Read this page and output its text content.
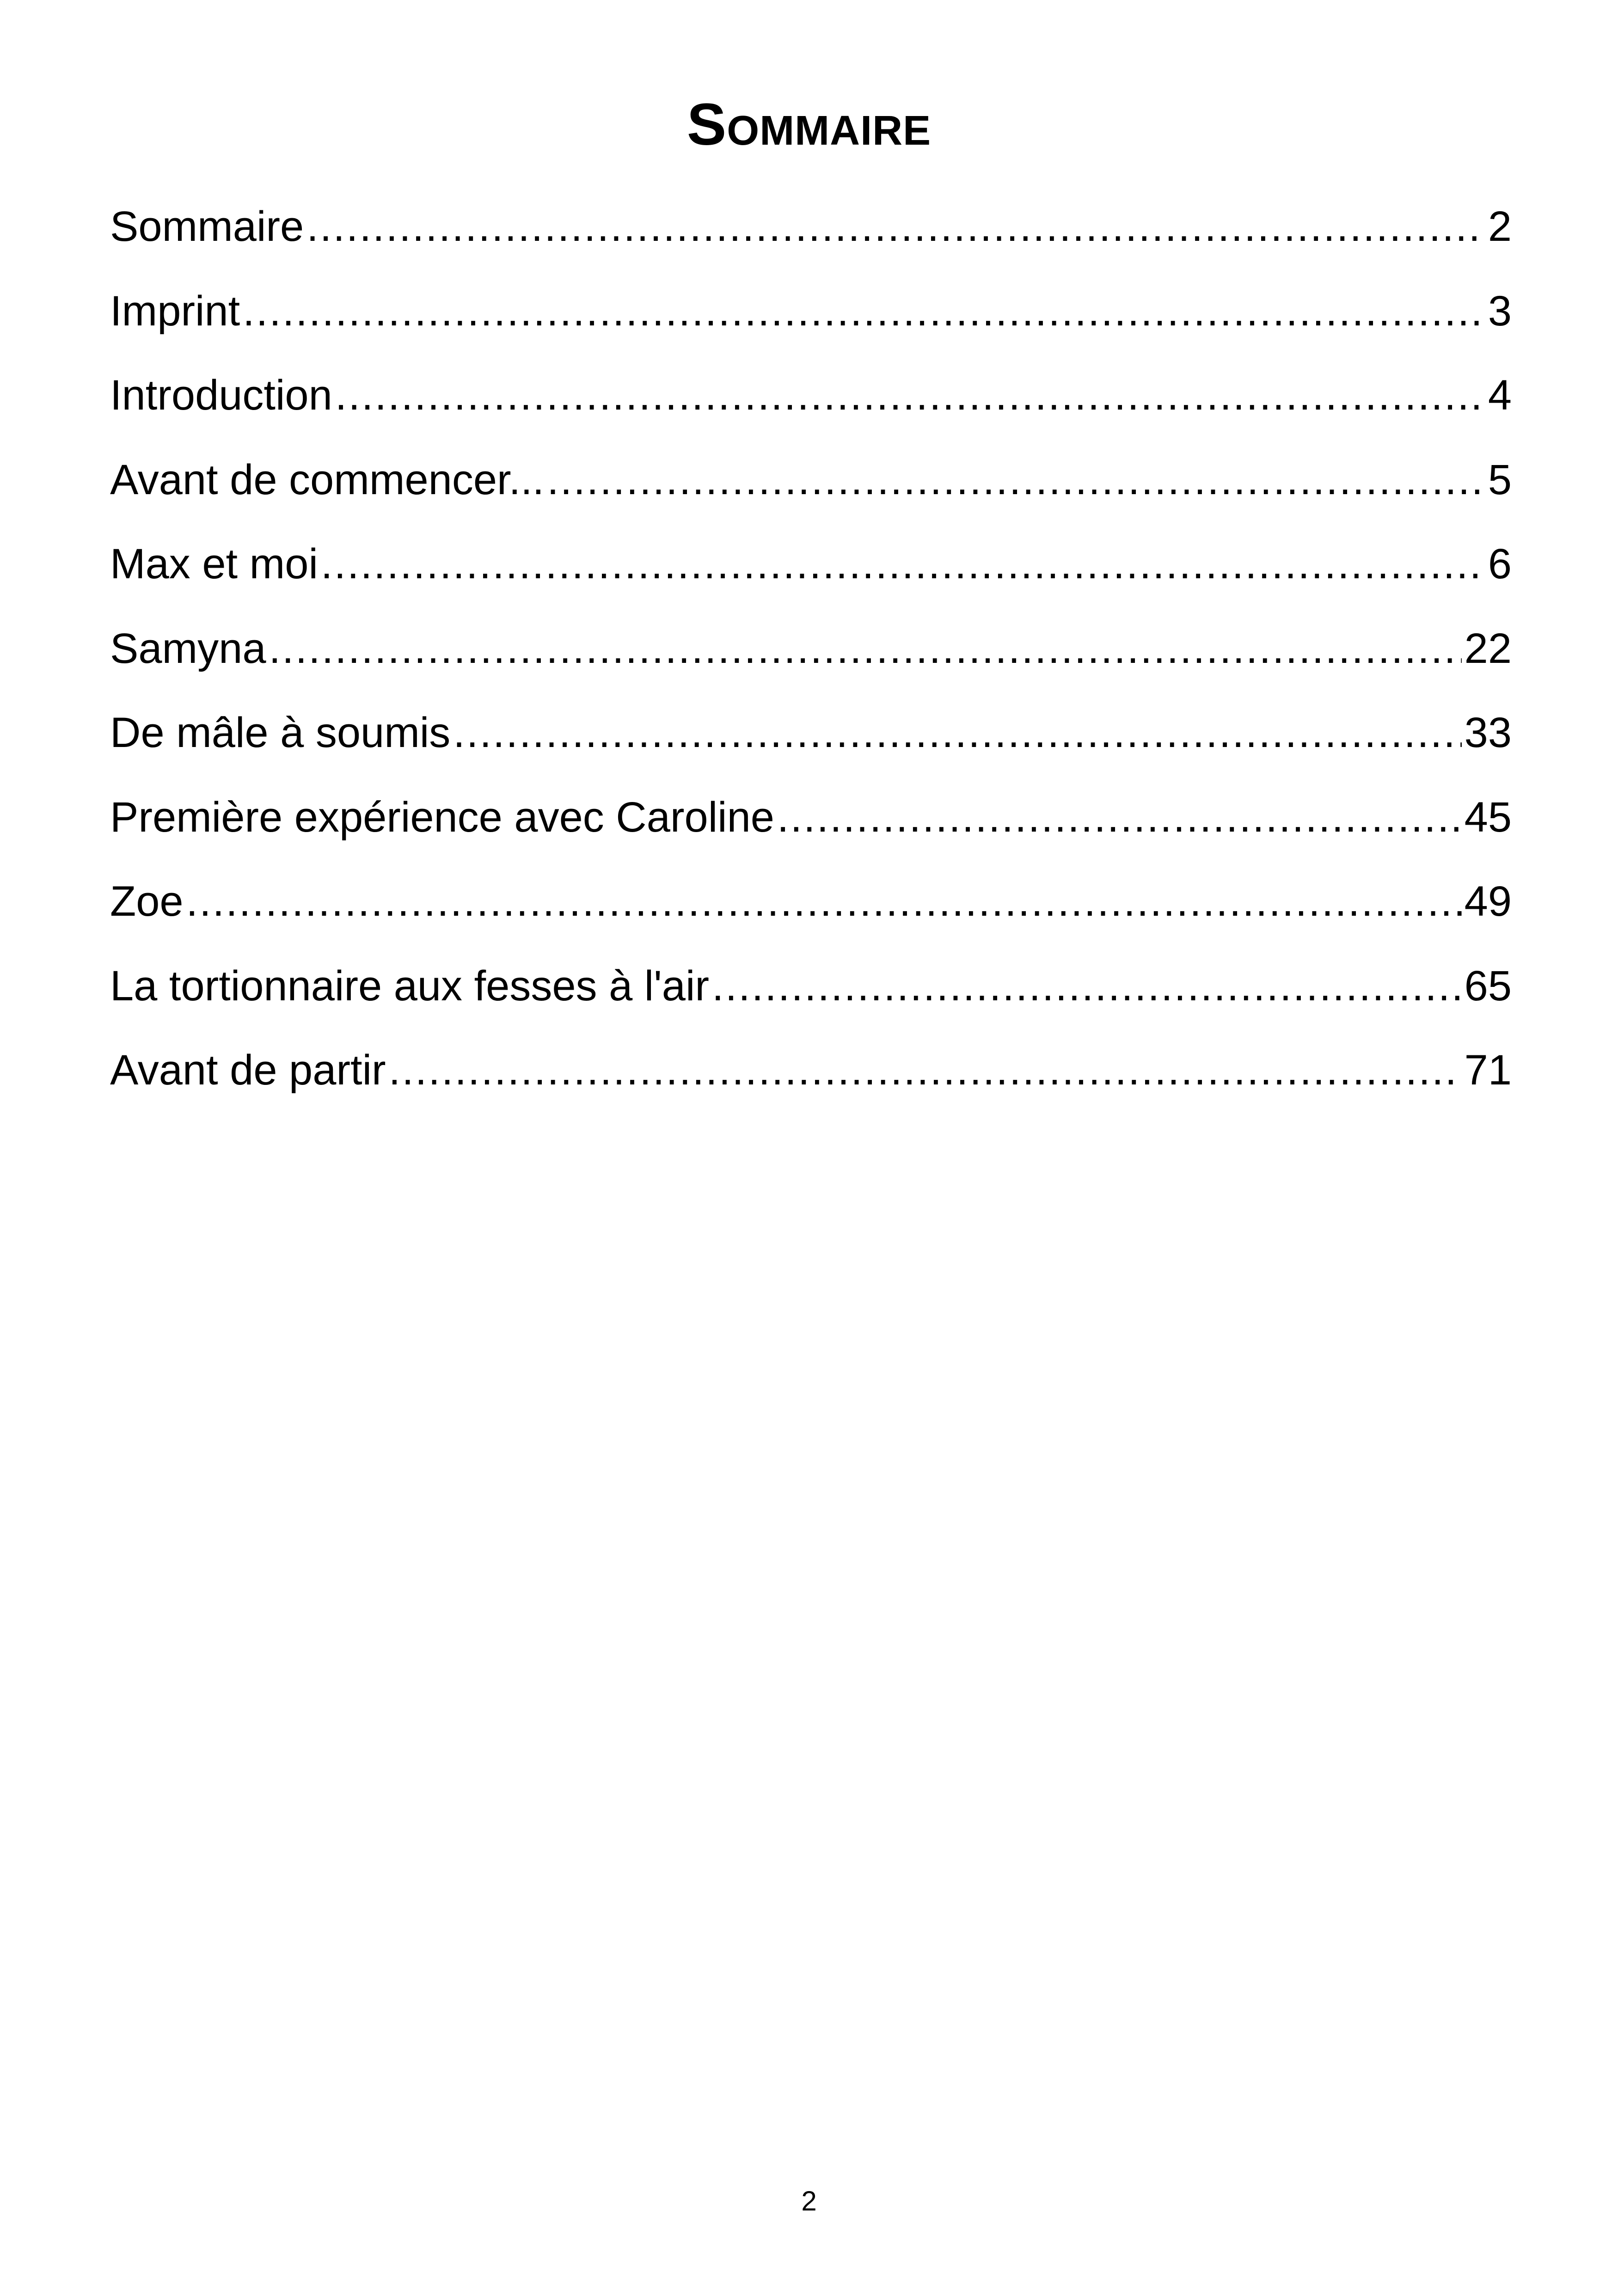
Sommaire
Sommaire .....	2
Imprint .....	3
Introduction .....	4
Avant de commencer... .....	5
Max et moi .....	6
Samyna .....	22
De mâle à soumis .....	33
Première expérience avec Caroline .....	45
Zoe .....	49
La tortionnaire aux fesses à l'air .....	65
Avant de partir .....	71
2
